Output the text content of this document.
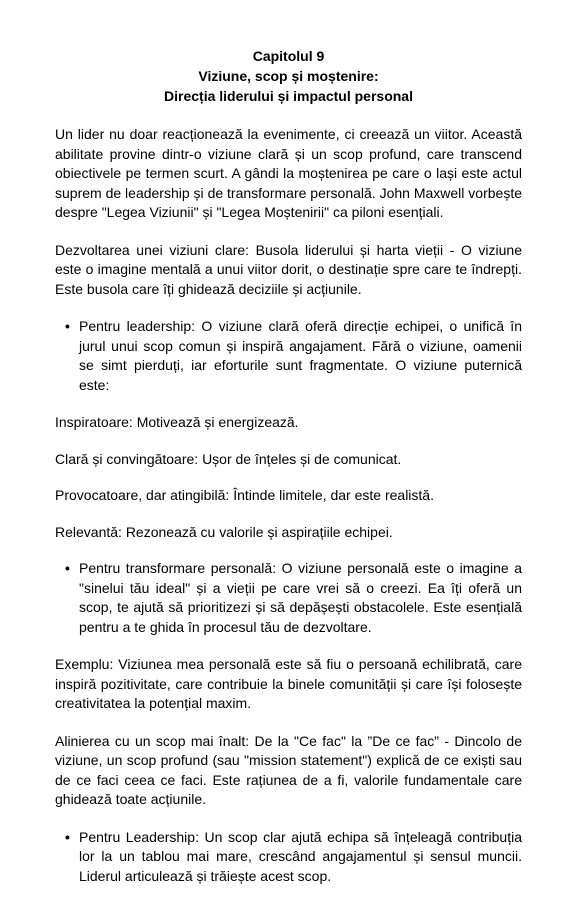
Capitolul 9
Viziune, scop și moștenire:
Direcția liderului și impactul personal

Un lider nu doar reacționează la evenimente, ci creează un viitor. Această abilitate provine dintr-o viziune clară și un scop profund, care transcend obiectivele pe termen scurt. A gândi la moștenirea pe care o lași este actul suprem de leadership și de transformare personală. John Maxwell vorbește despre "Legea Viziunii" și "Legea Moștenirii" ca piloni esențiali.

Dezvoltarea unei viziuni clare: Busola liderului și harta vieții - O viziune este o imagine mentală a unui viitor dorit, o destinație spre care te îndrepți. Este busola care îți ghidează deciziile și acțiunile.

• Pentru leadership: O viziune clară oferă direcție echipei, o unifică în jurul unui scop comun și inspiră angajament. Fără o viziune, oamenii se simt pierduți, iar eforturile sunt fragmentate. O viziune puternică este:

Inspiratoare: Motivează și energizează.

Clară și convingătoare: Ușor de înțeles și de comunicat.

Provocatoare, dar atingibilă: Întinde limitele, dar este realistă.

Relevantă: Rezonează cu valorile și aspirațiile echipei.

• Pentru transformare personală: O viziune personală este o imagine a "sinelui tău ideal" și a vieții pe care vrei să o creezi. Ea îți oferă un scop, te ajută să prioritizezi și să depășești obstacolele. Este esențială pentru a te ghida în procesul tău de dezvoltare.

Exemplu: Viziunea mea personală este să fiu o persoană echilibrată, care inspiră pozitivitate, care contribuie la binele comunității și care își folosește creativitatea la potențial maxim.

Alinierea cu un scop mai înalt: De la "Ce fac" la ”De ce fac” - Dincolo de viziune, un scop profund (sau "mission statement") explică de ce exiști sau de ce faci ceea ce faci. Este rațiunea de a fi, valorile fundamentale care ghidează toate acțiunile.

• Pentru Leadership: Un scop clar ajută echipa să înțeleagă contribuția lor la un tablou mai mare, crescând angajamentul și sensul muncii. Liderul articulează și trăiește acest scop.
